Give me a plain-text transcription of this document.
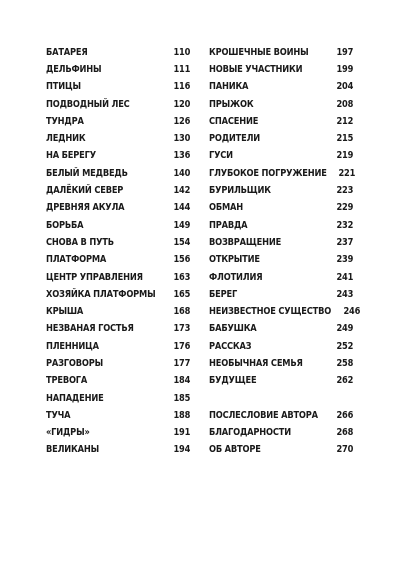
БАТАРЕЯ	110
ДЕЛЬФИНЫ	111
ПТИЦЫ	116
ПОДВОДНЫЙ ЛЕС	120
ТУНДРА	126
ЛЕДНИК	130
НА БЕРЕГУ	136
БЕЛЫЙ МЕДВЕДЬ	140
ДАЛЁКИЙ СЕВЕР	142
ДРЕВНЯЯ АКУЛА	144
БОРЬБА	149
СНОВА В ПУТЬ	154
ПЛАТФОРМА	156
ЦЕНТР УПРАВЛЕНИЯ	163
ХОЗЯЙКА ПЛАТФОРМЫ 165
КРЫША	168
НЕЗВАНАЯ ГОСТЬЯ	173
ПЛЕННИЦА	176
РАЗГОВОРЫ	177
ТРЕВОГА	184
НАПАДЕНИЕ	185
ТУЧА	188
«ГИДРЫ»	191
ВЕЛИКАНЫ	194
КРОШЕЧНЫЕ ВОИНЫ	197
НОВЫЕ УЧАСТНИКИ	199
ПАНИКА	204
ПРЫЖОК	208
СПАСЕНИЕ	212
РОДИТЕЛИ	215
ГУСИ	219
ГЛУБОКОЕ ПОГРУЖЕНИЕ 221
БУРИЛЬЩИК	223
ОБМАН	229
ПРАВДА	232
ВОЗВРАЩЕНИЕ	237
ОТКРЫТИЕ	239
ФЛОТИЛИЯ	241
БЕРЕГ	243
НЕИЗВЕСТНОЕ СУЩЕСТВО 246
БАБУШКА	249
РАССКАЗ	252
НЕОБЫЧНАЯ СЕМЬЯ	258
БУДУЩЕЕ	262
ПОСЛЕСЛОВИЕ АВТОРА 266
БЛАГОДАРНОСТИ	268
ОБ АВТОРЕ	270
